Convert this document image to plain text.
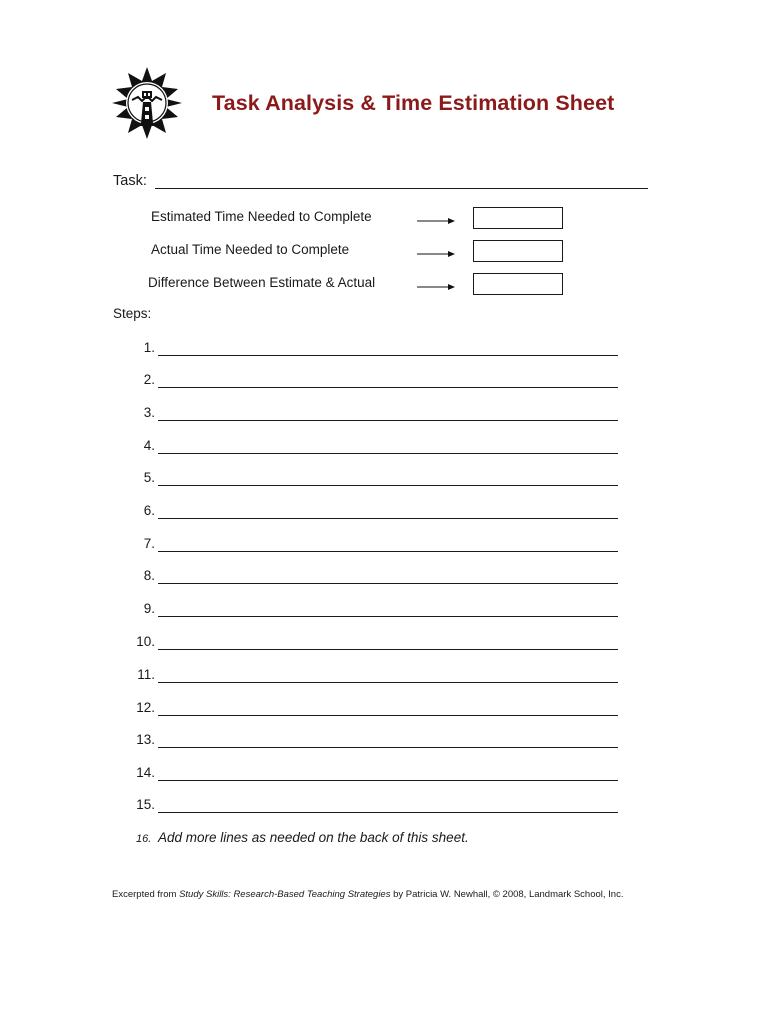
Task Analysis & Time Estimation Sheet
Task:
Estimated Time Needed to Complete
Actual Time Needed to Complete
Difference Between Estimate & Actual
Steps:
1.
2.
3.
4.
5.
6.
7.
8.
9.
10.
11.
12.
13.
14.
15.
16. Add more lines as needed on the back of this sheet.
Excerpted from Study Skills: Research-Based Teaching Strategies by Patricia W. Newhall, © 2008, Landmark School, Inc.
